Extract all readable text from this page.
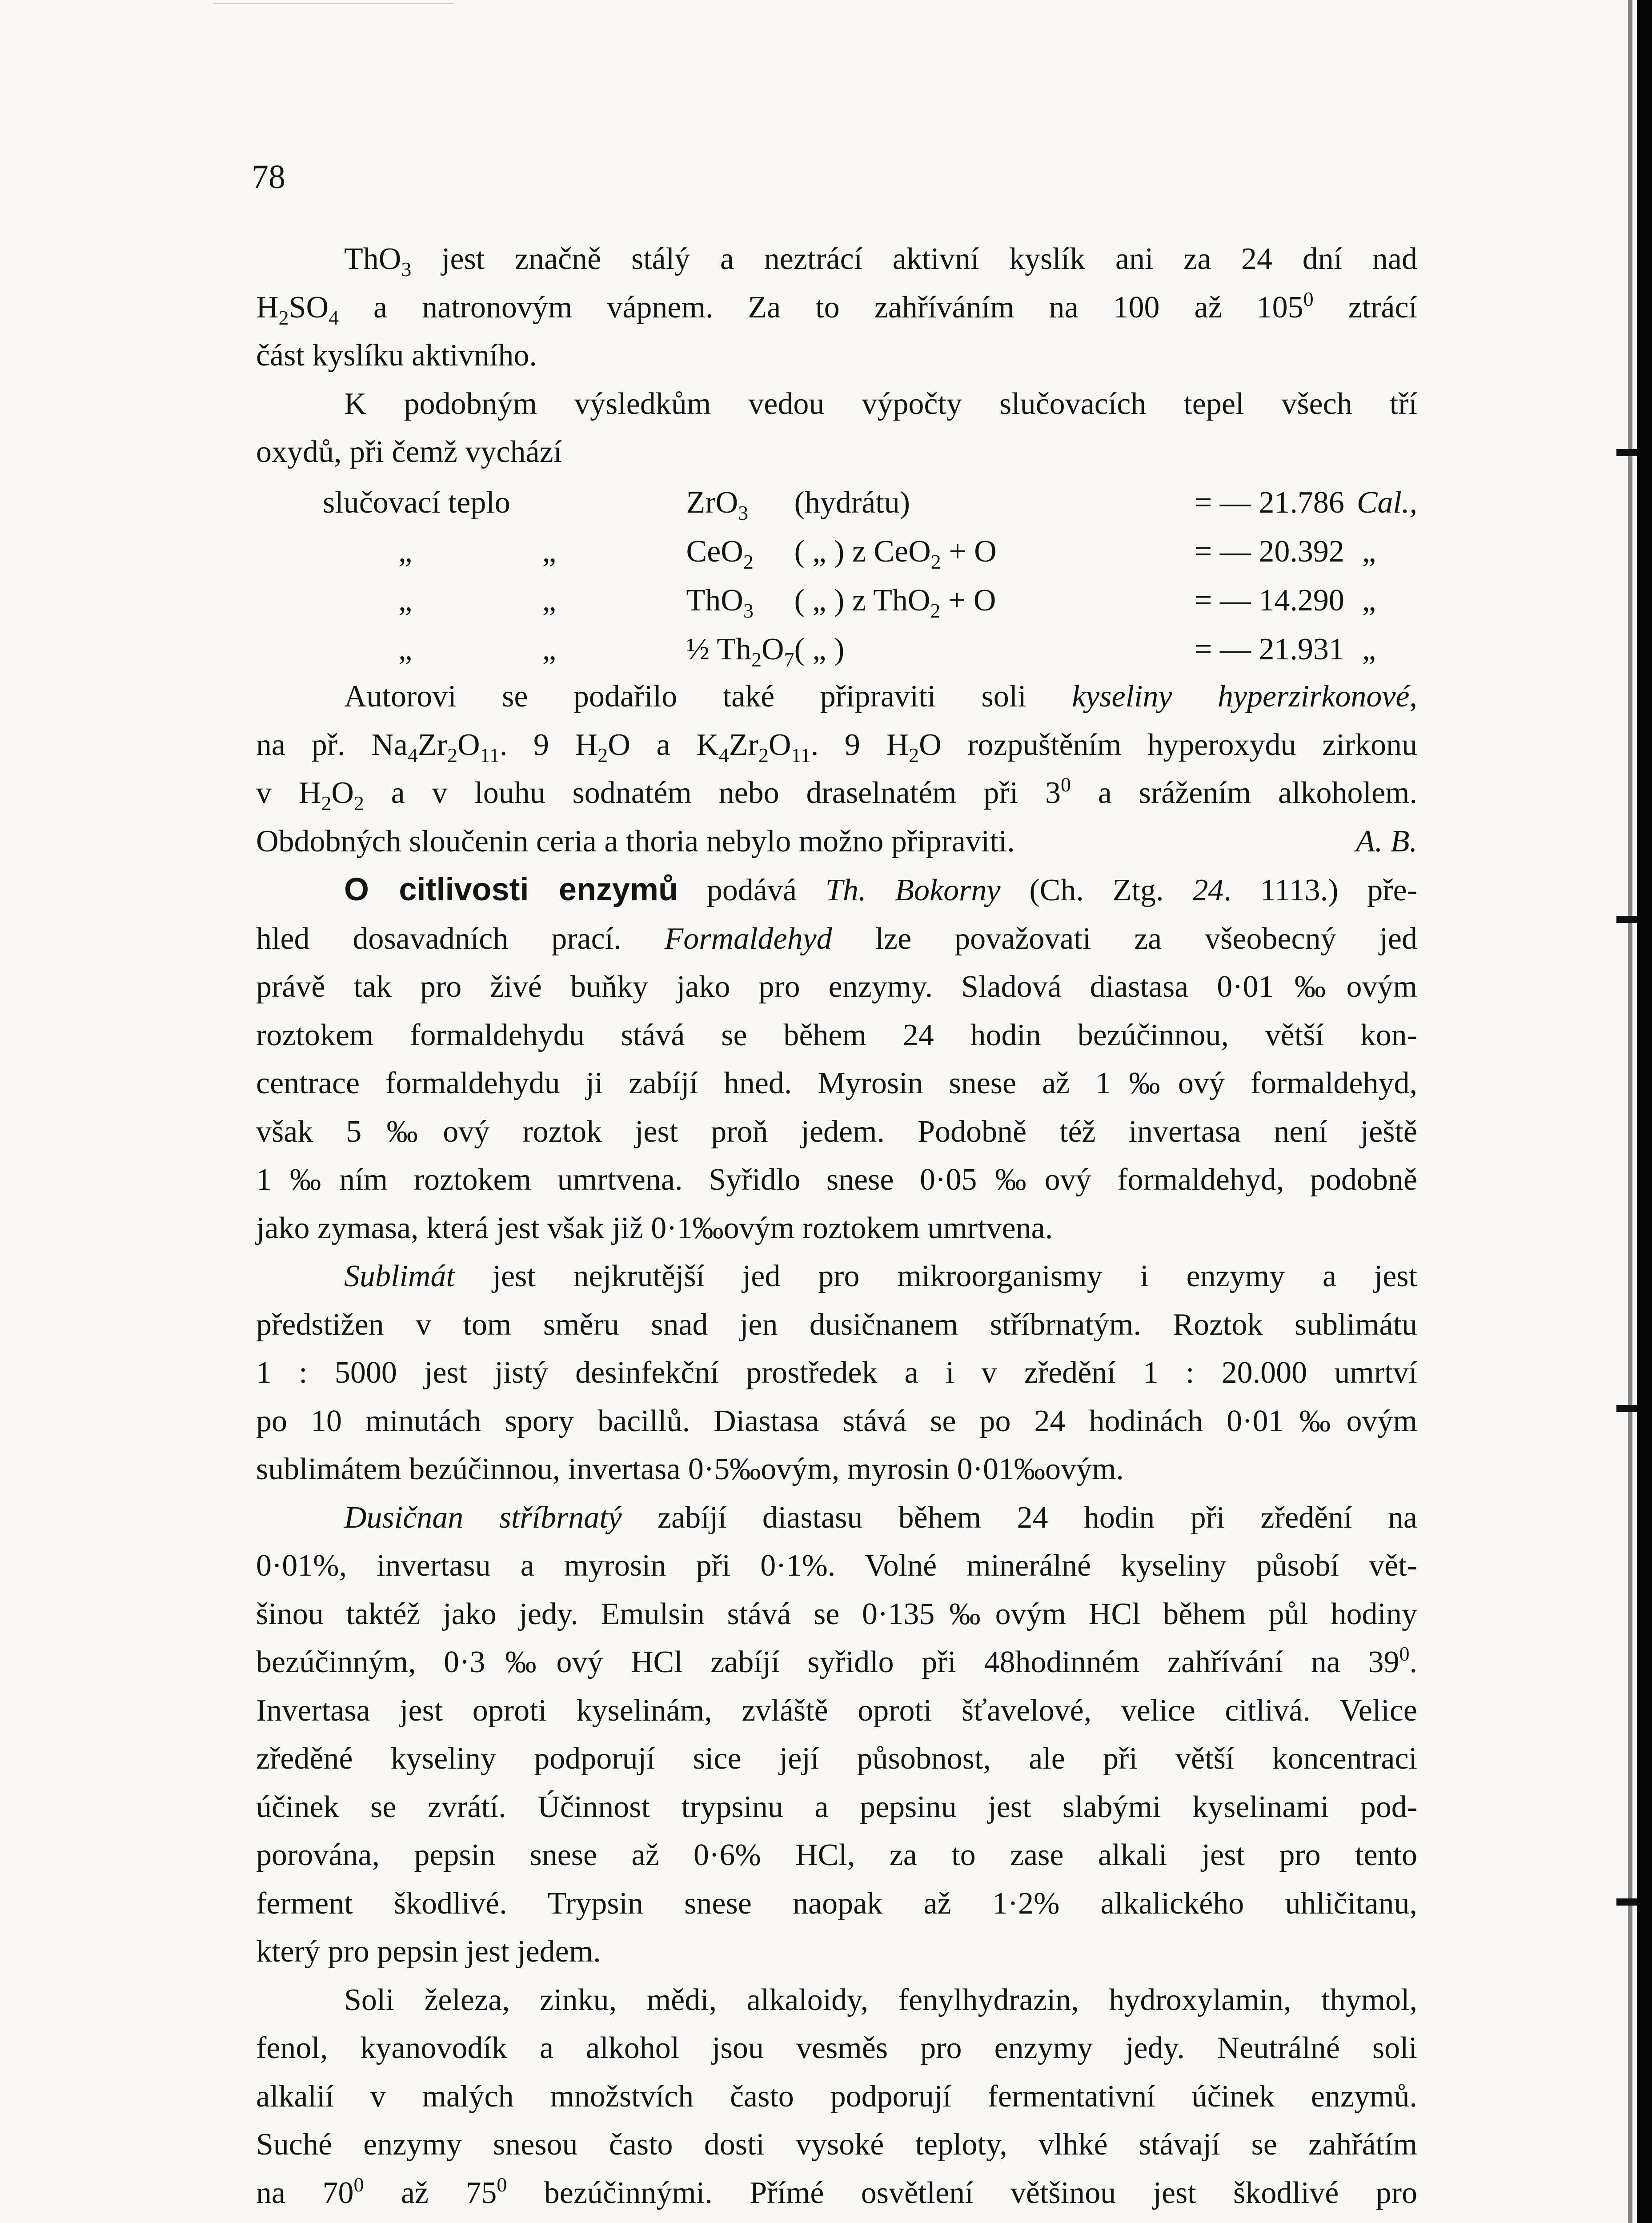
78

ThO$_3$ jest značně stálý a neztrácí aktivní kyslík ani za 24 dní nad
$H_2SO_4$ a natronovým vápnem. Za to zahříváním na 100 až $105^0$ ztrácí

část kyslíku aktivního.

K podobným výsledkům vedou výpočty slučovacích tepel všech tří

oxydů, při čemž vychází

slučovací teplo		ZrO$_3$	(hydrátu)	= — 21.786	Cal.,
„	„	CeO$_2$	( „ ) z CeO$_2$ + O	= — 20.392	„
„	„	ThO$_3$	( „ ) z ThO$_2$ + O	= — 14.290	„
„	„	½ $Th_2O_7$	( „ )	= — 21.931	„

Autorovi se podařilo také připraviti soli kyseliny hyperzirkonové,
na př. $Na_4Zr_2O_{11}$. 9 $H_2O$ a $K_4Zr_2O_{11}$. 9 $H_2O$ rozpuštěním hyperoxydu zirkonu
v $H_2O_2$ a v louhu sodnatém nebo draselnatém při $3^0$ a srážením alkoholem.

Obdobných sloučenin ceria a thoria nebylo možno připraviti.	A. B.

O citlivosti enzymů podává Th. Bokorny (Ch. Ztg. 24. 1113.) pře-
hled dosavadních prací. Formaldehyd lze považovati za všeobecný jed
právě tak pro živé buňky jako pro enzymy. Sladová diastasa 0·01‰ovým
roztokem formaldehydu stává se během 24 hodin bezúčinnou, větší kon-
centrace formaldehydu ji zabíjí hned. Myrosin snese až 1‰ový formaldehyd,
však 5‰ový roztok jest proň jedem. Podobně též invertasa není ještě
1‰ním roztokem umrtvena. Syřidlo snese 0·05‰ový formaldehyd, podobně

jako zymasa, která jest však již 0·1‰ovým roztokem umrtvena.

Sublimát jest nejkrutější jed pro mikroorganismy i enzymy a jest
předstižen v tom směru snad jen dusičnanem stříbrnatým. Roztok sublimátu
1 : 5000 jest jistý desinfekční prostředek a i v zředění 1 : 20.000 umrtví
po 10 minutách spory bacillů. Diastasa stává se po 24 hodinách 0·01‰ovým

sublimátem bezúčinnou, invertasa 0·5‰ovým, myrosin 0·01‰ovým.

Dusičnan stříbrnatý zabíjí diastasu během 24 hodin při zředění na
0·01%, invertasu a myrosin při 0·1%. Volné minerálné kyseliny působí vět-
šinou taktéž jako jedy. Emulsin stává se 0·135‰ovým HCl během půl hodiny
bezúčinným, 0·3‰ový HCl zabíjí syřidlo při 48hodinném zahřívání na $39^0$.
Invertasa jest oproti kyselinám, zvláště oproti šťavelové, velice citlivá. Velice
zředěné kyseliny podporují sice její působnost, ale při větší koncentraci
účinek se zvrátí. Účinnost trypsinu a pepsinu jest slabými kyselinami pod-
porována, pepsin snese až 0·6% HCl, za to zase alkali jest pro tento
ferment škodlivé. Trypsin snese naopak až 1·2% alkalického uhličitanu,

který pro pepsin jest jedem.

Soli železa, zinku, mědi, alkaloidy, fenylhydrazin, hydroxylamin, thymol,
fenol, kyanovodík a alkohol jsou vesměs pro enzymy jedy. Neutrálné soli
alkalií v malých množstvích často podporují fermentativní účinek enzymů.
Suché enzymy snesou často dosti vysoké teploty, vlhké stávají se zahřátím
na $70^0$ až $75^0$ bezúčinnými. Přímé osvětlení většinou jest škodlivé pro
